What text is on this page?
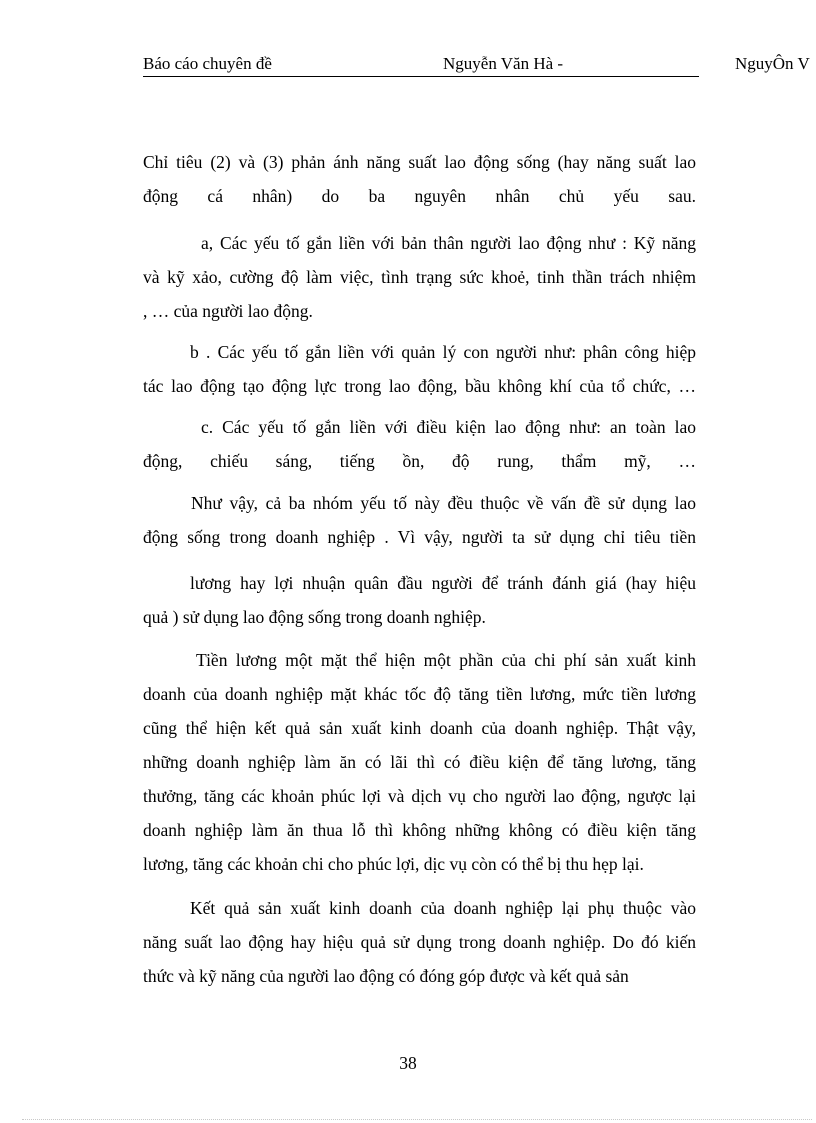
Báo cáo chuyên đề	Nguyễn Văn Hà -	NguyÔn V

Chỉ tiêu (2) và (3) phản ánh năng suất lao động sống (hay năng suất lao
động cá nhân) do ba nguyên nhân chủ yếu sau.

a, Các yếu tố gắn liền với bản thân người lao động như : Kỹ năng
và kỹ xảo, cường độ làm việc, tình trạng sức khoẻ, tinh thần trách nhiệm
, … của người lao động.

b . Các yếu tố gắn liền với quản lý con người như: phân công hiệp
tác lao động tạo động lực trong lao động, bầu không khí của tổ chức, …

c. Các yếu tố gắn liền với điều kiện lao động như: an toàn lao
động, chiếu sáng, tiếng ồn, độ rung, thẩm mỹ, …

Như vậy, cả ba nhóm yếu tố này đều thuộc về vấn đề sử dụng lao
động sống trong doanh nghiệp . Vì vậy, người ta sử dụng chỉ tiêu tiền

lương hay lợi nhuận quân đầu người để tránh đánh giá (hay hiệu
quả ) sử dụng lao động sống trong doanh nghiệp.

Tiền lương một mặt thể hiện một phần của chi phí sản xuất kinh
doanh của doanh nghiệp mặt khác tốc độ tăng tiền lương, mức tiền lương
cũng thể hiện kết quả sản xuất kinh doanh của doanh nghiệp. Thật vậy,
những doanh nghiệp làm ăn có lãi thì có điều kiện để tăng lương, tăng
thưởng, tăng các khoản phúc lợi và dịch vụ cho người lao động, ngược lại
doanh nghiệp làm ăn thua lỗ thì không những không có điều kiện tăng
lương, tăng các khoản chi cho phúc lợi, dịc vụ còn có thể bị thu hẹp lại.

Kết quả sản xuất kinh doanh của doanh nghiệp lại phụ thuộc vào
năng suất lao động hay hiệu quả sử dụng trong doanh nghiệp. Do đó kiến
thức và kỹ năng của người lao động có đóng góp được và kết quả sản

38
